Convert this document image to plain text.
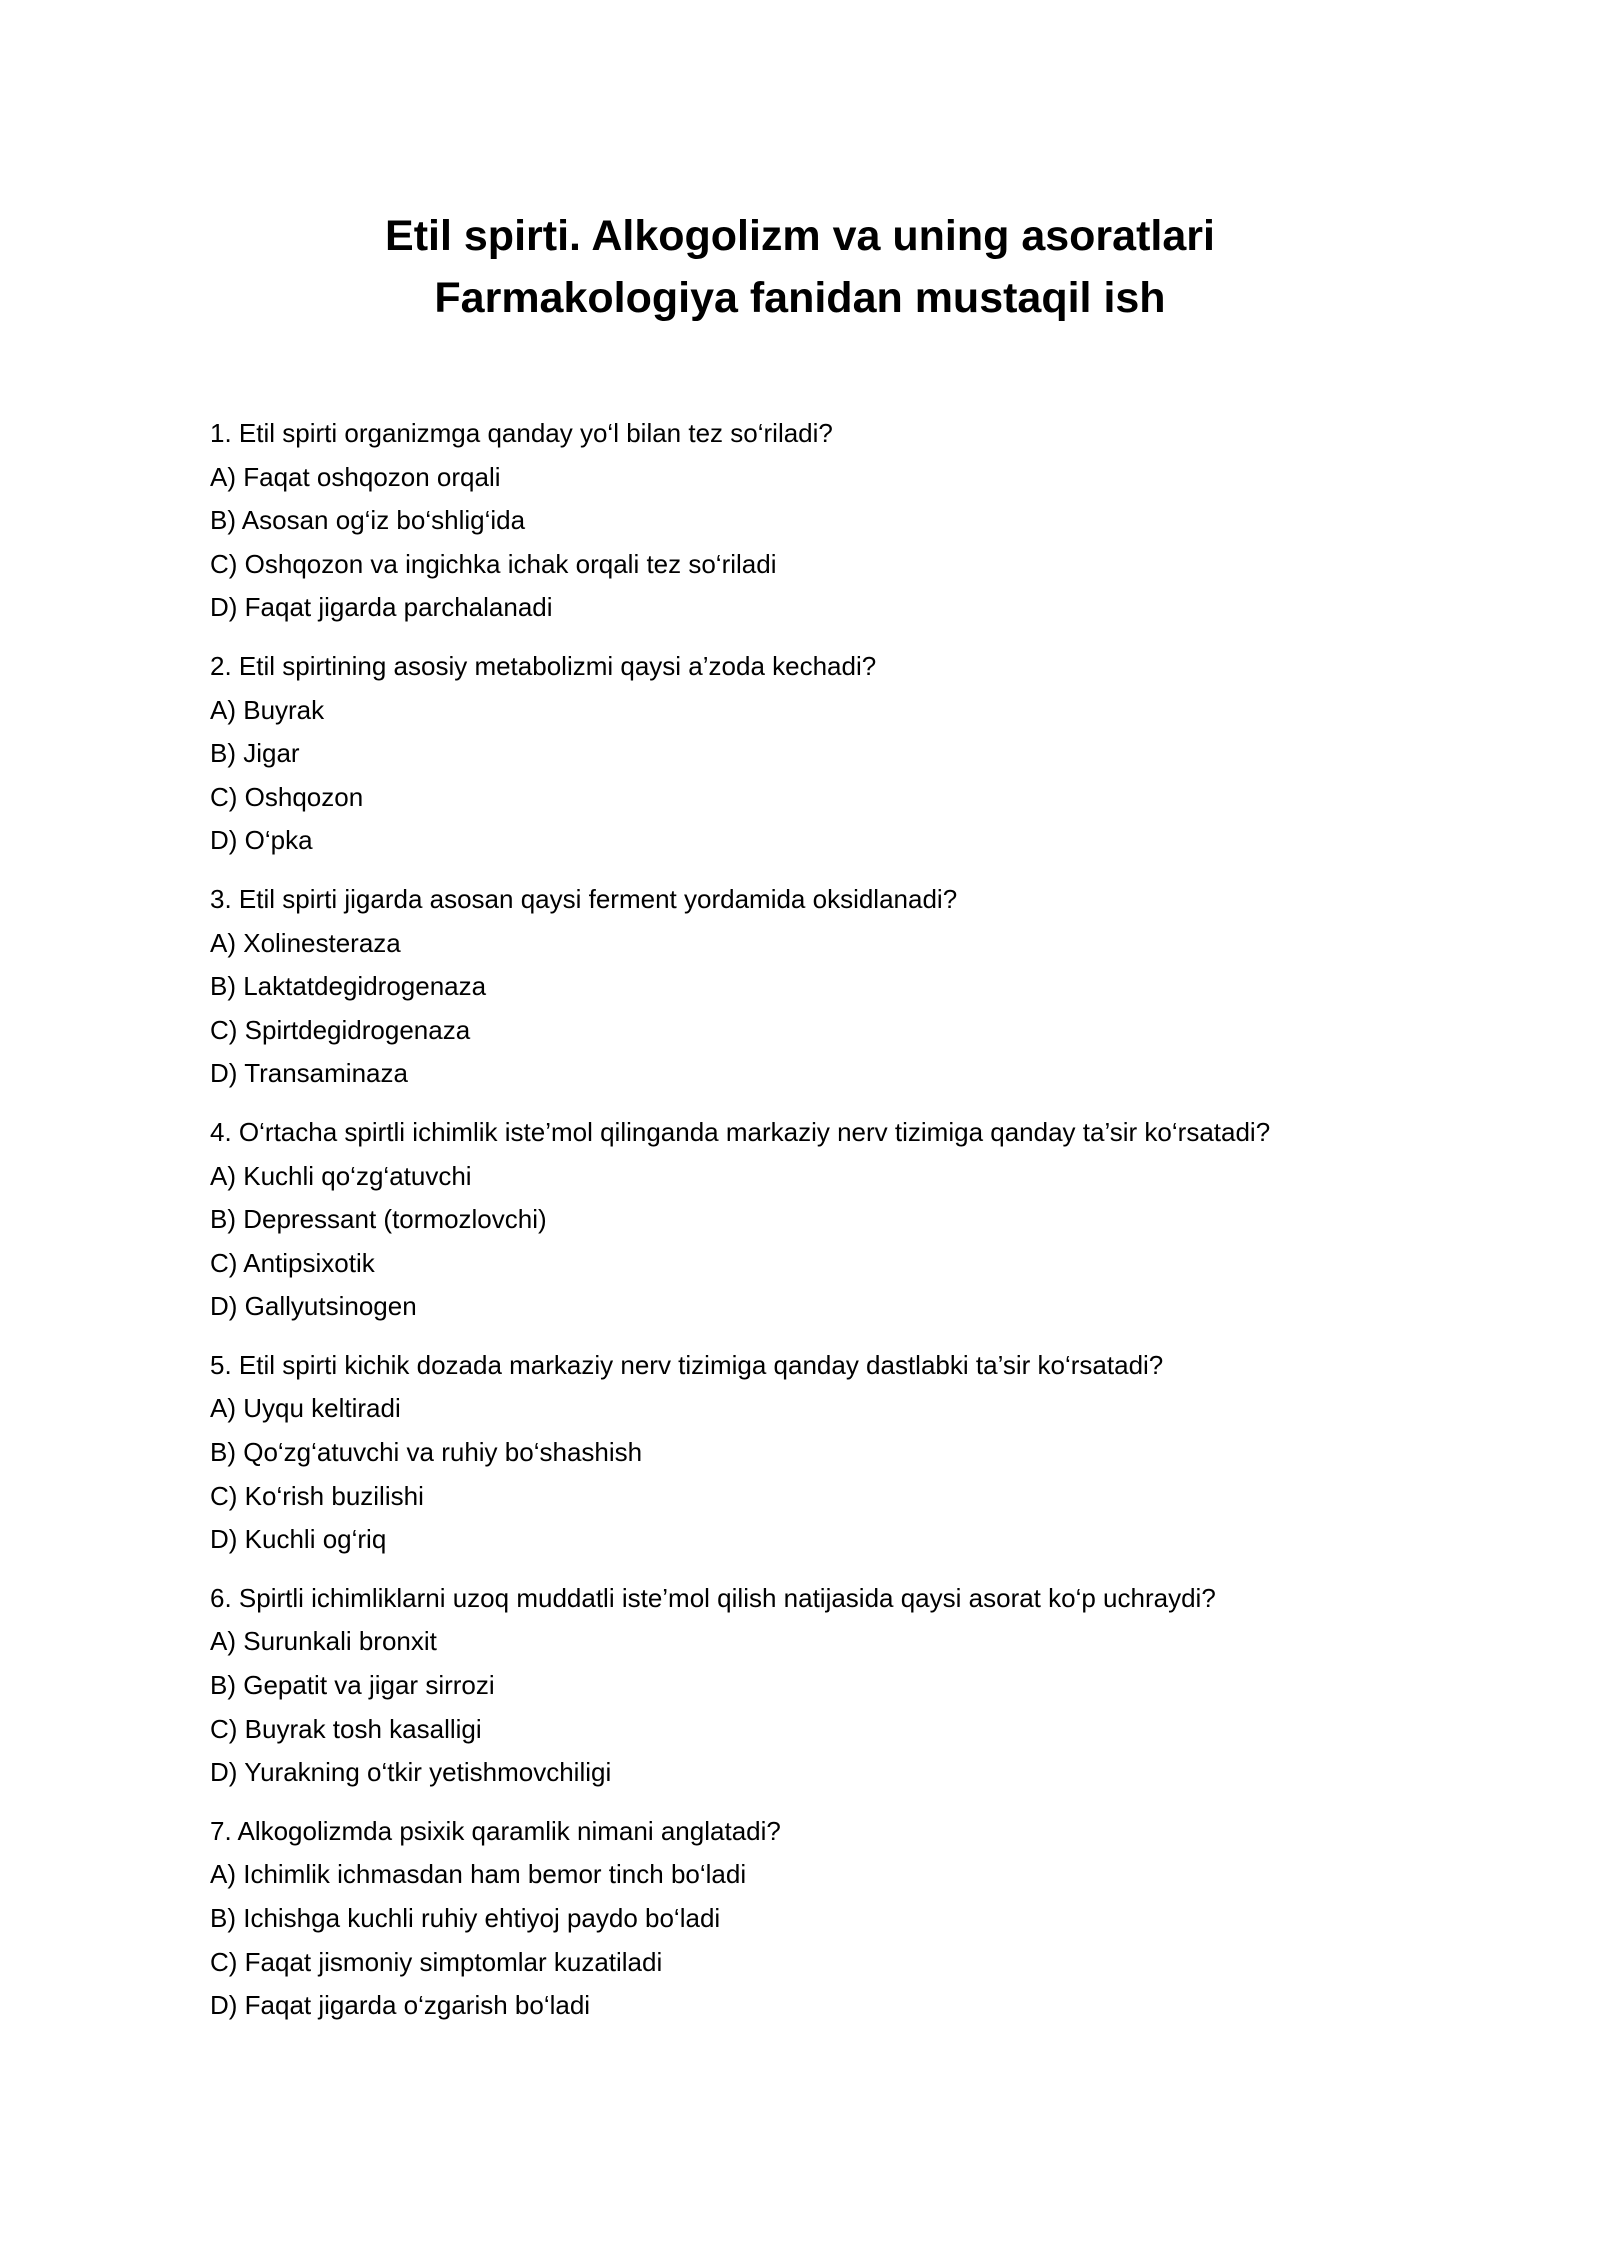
Etil spirti. Alkogolizm va uning asoratlari
Farmakologiya fanidan mustaqil ish
1. Etil spirti organizmga qanday yo‘l bilan tez so‘riladi?
A) Faqat oshqozon orqali
B) Asosan og‘iz bo‘shlig‘ida
C) Oshqozon va ingichka ichak orqali tez so‘riladi
D) Faqat jigarda parchalanadi
2. Etil spirtining asosiy metabolizmi qaysi a’zoda kechadi?
A) Buyrak
B) Jigar
C) Oshqozon
D) O‘pka
3. Etil spirti jigarda asosan qaysi ferment yordamida oksidlanadi?
A) Xolinesteraza
B) Laktatdegidrogenaza
C) Spirtdegidrogenaza
D) Transaminaza
4. O‘rtacha spirtli ichimlik iste’mol qilinganda markaziy nerv tizimiga qanday ta’sir ko‘rsatadi?
A) Kuchli qo‘zg‘atuvchi
B) Depressant (tormozlovchi)
C) Antipsixotik
D) Gallyutsinogen
5. Etil spirti kichik dozada markaziy nerv tizimiga qanday dastlabki ta’sir ko‘rsatadi?
A) Uyqu keltiradi
B) Qo‘zg‘atuvchi va ruhiy bo‘shashish
C) Ko‘rish buzilishi
D) Kuchli og‘riq
6. Spirtli ichimliklarni uzoq muddatli iste’mol qilish natijasida qaysi asorat ko‘p uchraydi?
A) Surunkali bronxit
B) Gepatit va jigar sirrozi
C) Buyrak tosh kasalligi
D) Yurakning o‘tkir yetishmovchiligi
7. Alkogolizmda psixik qaramlik nimani anglatadi?
A) Ichimlik ichmasdan ham bemor tinch bo‘ladi
B) Ichishga kuchli ruhiy ehtiyoj paydo bo‘ladi
C) Faqat jismoniy simptomlar kuzatiladi
D) Faqat jigarda o‘zgarish bo‘ladi
